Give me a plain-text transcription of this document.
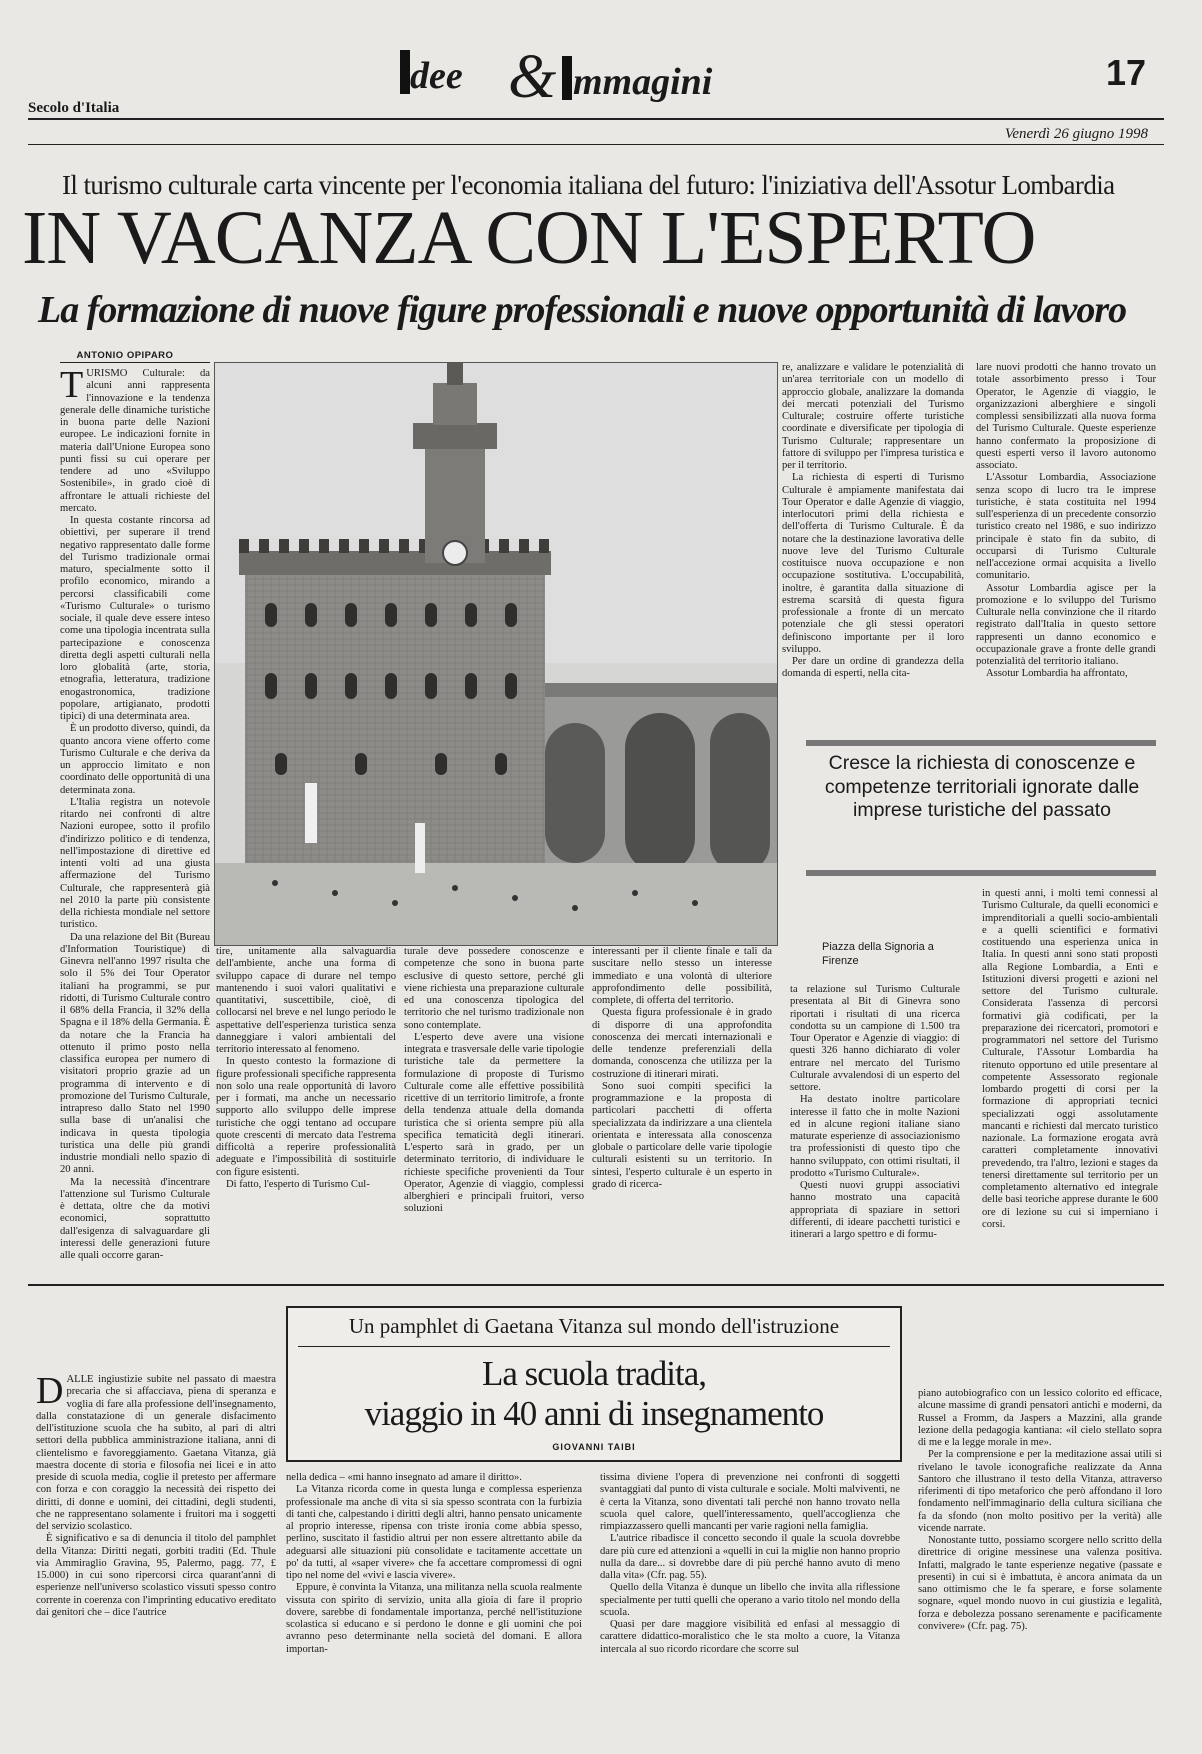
Secolo d'Italia
dee & mmagini	17
Venerdì 26 giugno 1998
Il turismo culturale carta vincente per l'economia italiana del futuro: l'iniziativa dell'Assotur Lombardia
IN VACANZA CON L'ESPERTO
La formazione di nuove figure professionali e nuove opportunità di lavoro
ANTONIO OPIPARO
T URISMO Culturale: da alcuni anni rappresenta l'innovazione e la tendenza generale delle dinamiche turistiche in buona parte delle Nazioni europee. Le indicazioni fornite in materia dall'Unione Europea sono punti fissi su cui operare per tendere ad uno «Sviluppo Sostenibile», in grado cioè di affrontare le attuali richieste del mercato.

In questa costante rincorsa ad obiettivi, per superare il trend negativo rappresentato dalle forme del Turismo tradizionale ormai maturo, specialmente sotto il profilo economico, mirando a percorsi classificabili come «Turismo Culturale» o turismo sociale, il quale deve essere inteso come una tipologia incentrata sulla partecipazione e conoscenza diretta degli aspetti culturali nella loro globalità (arte, storia, etnografia, letteratura, tradizione enogastronomica, tradizione popolare, artigianato, prodotti tipici) di una determinata area.

È un prodotto diverso, quindi, da quanto ancora viene offerto come Turismo Culturale e che deriva da un approccio limitato e non coordinato delle opportunità di una determinata zona.

L'Italia registra un notevole ritardo nei confronti di altre Nazioni europee, sotto il profilo d'indirizzo politico e di tendenza, nell'impostazione di direttive ed intenti volti ad una giusta affermazione del Turismo Culturale, che rappresenterà già nel 2010 la parte più consistente della richiesta mondiale nel settore turistico.

Da una relazione del Bit (Bureau d'Information Touristique) di Ginevra nell'anno 1997 risulta che solo il 5% dei Tour Operator italiani ha programmi, se pur ridotti, di Turismo Culturale contro il 68% della Francia, il 32% della Spagna e il 18% della Germania. È da notare che la Francia ha ottenuto il primo posto nella classifica europea per numero di visitatori proprio grazie ad un programma di intervento e di promozione del Turismo Culturale, intrapreso dallo Stato nel 1990 sulla base di un'analisi che indicava in questa tipologia turistica una delle più grandi industrie mondiali nello spazio di 20 anni.

Ma la necessità d'incentrare l'attenzione sul Turismo Culturale è dettata, oltre che da motivi economici, soprattutto dall'esigenza di salvaguardare gli interessi delle generazioni future alle quali occorre garan-

tire, unitamente alla salvaguardia dell'ambiente, anche una forma di sviluppo capace di durare nel tempo mantenendo i suoi valori qualitativi e quantitativi, suscettibile, cioè, di collocarsi nel breve e nel lungo periodo le aspettative dell'esperienza turistica senza danneggiare i valori ambientali del territorio interessato al fenomeno.

In questo contesto la formazione di figure professionali specifiche rappresenta non solo una reale opportunità di lavoro per i formati, ma anche un necessario supporto allo sviluppo delle imprese turistiche che oggi tentano ad occupare quote crescenti di mercato data l'estrema difficoltà a reperire professionalità adeguate e l'impossibilità di sostituirle con figure esistenti.

Di fatto, l'esperto di Turismo Cul-

turale deve possedere conoscenze e competenze che sono in buona parte esclusive di questo settore, perché gli viene richiesta una preparazione culturale ed una conoscenza tipologica del territorio che nel turismo tradizionale non sono contemplate.

L'esperto deve avere una visione integrata e trasversale delle varie tipologie turistiche tale da permettere la formulazione di proposte di Turismo Culturale come alle effettive possibilità ricettive di un territorio limitrofe, a fronte della tendenza attuale della domanda turistica che si orienta sempre più alla specifica tematicità degli itinerari. L'esperto sarà in grado, per un determinato territorio, di individuare le richieste specifiche provenienti da Tour Operator, Agenzie di viaggio, complessi alberghieri e principali fruitori, verso soluzioni

interessanti per il cliente finale e tali da suscitare nello stesso un interesse immediato e una volontà di ulteriore approfondimento delle possibilità, complete, di offerta del territorio.

Questa figura professionale è in grado di disporre di una approfondita conoscenza dei mercati internazionali e delle tendenze preferenziali della domanda, conoscenza che utilizza per la costruzione di itinerari mirati.

Sono suoi compiti specifici la programmazione e la proposta di particolari pacchetti di offerta specializzata da indirizzare a una clientela orientata e interessata alla conoscenza globale o particolare delle varie tipologie culturali esistenti su un territorio. In sintesi, l'esperto culturale è un esperto in grado di ricerca-

re, analizzare e validare le potenzialità di un'area territoriale con un modello di approccio globale, analizzare la domanda dei mercati potenziali del Turismo Culturale; costruire offerte turistiche coordinate e diversificate per tipologia di Turismo Culturale; rappresentare un fattore di sviluppo per l'impresa turistica e per il territorio.

La richiesta di esperti di Turismo Culturale è ampiamente manifestata dai Tour Operator e dalle Agenzie di viaggio, interlocutori primi della richiesta e dell'offerta di Turismo Culturale. È da notare che la destinazione lavorativa delle nuove leve del Turismo Culturale costituisce nuova occupazione e non occupazione sostitutiva. L'occupabilità, inoltre, è garantita dalla situazione di estrema scarsità di questa figura professionale a fronte di un mercato potenziale che gli stessi operatori definiscono importante per il loro sviluppo.

Per dare un ordine di grandezza della domanda di esperti, nella cita-

lare nuovi prodotti che hanno trovato un totale assorbimento presso i Tour Operator, le Agenzie di viaggio, le organizzazioni alberghiere e singoli complessi sensibilizzati alla nuova forma del Turismo Culturale. Queste esperienze hanno confermato la proposizione di questi esperti verso il lavoro autonomo associato.

L'Assotur Lombardia, Associazione senza scopo di lucro tra le imprese turistiche, è stata costituita nel 1994 sull'esperienza di un precedente consorzio turistico creato nel 1986, e suo indirizzo principale è stato fin da subito, di occuparsi di Turismo Culturale nell'accezione ormai acquisita a livello comunitario.

Assotur Lombardia agisce per la promozione e lo sviluppo del Turismo Culturale nella convinzione che il ritardo registrato dall'Italia in questo settore rappresenti un danno economico e occupazionale grave a fronte delle grandi potenzialità del territorio italiano.

Assotur Lombardia ha affrontato,

Cresce la richiesta di conoscenze e competenze territoriali ignorate dalle imprese turistiche del passato
Piazza della Signoria a Firenze

ta relazione sul Turismo Culturale presentata al Bit di Ginevra sono riportati i risultati di una ricerca condotta su un campione di 1.500 tra Tour Operator e Agenzie di viaggio: di questi 326 hanno dichiarato di voler entrare nel mercato del Turismo Culturale avvalendosi di un esperto del settore.

Ha destato inoltre particolare interesse il fatto che in molte Nazioni ed in alcune regioni italiane siano maturate esperienze di associazionismo tra professionisti di questo tipo che hanno sviluppato, con ottimi risultati, il prodotto «Turismo Culturale».

Questi nuovi gruppi associativi hanno mostrato una capacità appropriata di spaziare in settori differenti, di ideare pacchetti turistici e itinerari a largo spettro e di formu-

in questi anni, i molti temi connessi al Turismo Culturale, da quelli economici e imprenditoriali a quelli socio-ambientali e a quelli scientifici e formativi costituendo una esperienza unica in Italia. In questi anni sono stati proposti alla Regione Lombardia, a Enti e Istituzioni diversi progetti e azioni nel settore del Turismo culturale. Considerata l'assenza di percorsi formativi già codificati, per la preparazione dei ricercatori, promotori e programmatori nel settore del Turismo Culturale, l'Assotur Lombardia ha ritenuto opportuno ed utile presentare al competente Assessorato regionale lombardo progetti di corsi per la formazione di appropriati tecnici specializzati oggi assolutamente mancanti e richiesti dal mercato turistico nazionale. La formazione erogata avrà caratteri completamente innovativi prevedendo, tra l'altro, lezioni e stages da tenersi direttamente sul territorio per un completamento alternativo ed integrale delle basi teoriche apprese durante le 600 ore di lezione su cui si imperniano i corsi.

Un pamphlet di Gaetana Vitanza sul mondo dell'istruzione
La scuola tradita,
viaggio in 40 anni di insegnamento
GIOVANNI TAIBI
D ALLE ingiustizie subite nel passato di maestra precaria che si affacciava, piena di speranza e voglia di fare alla professione dell'insegnamento, dalla constatazione di un generale disfacimento dell'istituzione scuola che ha subìto, al pari di altri settori della pubblica amministrazione italiana, anni di clientelismo e favoreggiamento. Gaetana Vitanza, già maestra docente di storia e filosofia nei licei e in atto preside di scuola media, coglie il pretesto per affermare con forza e con coraggio la necessità dei rispetto dei diritti, di donne e uomini, dei cittadini, degli studenti, che ne rappresentano solamente i fruitori ma i soggetti del servizio scolastico.

È significativo e sa di denuncia il titolo del pamphlet della Vitanza: Diritti negati, gorbiti traditi (Ed. Thule via Ammiraglio Gravina, 95, Palermo, pagg. 77, £ 15.000) in cui sono ripercorsi circa quarant'anni di esperienze nell'universo scolastico vissuti spesso contro corrente in coerenza con l'imprinting educativo ereditato dai genitori che – dice l'autrice

nella dedica – «mi hanno insegnato ad amare il diritto».

La Vitanza ricorda come in questa lunga e complessa esperienza professionale ma anche di vita si sia spesso scontrata con la furbizia di tanti che, calpestando i diritti degli altri, hanno pensato unicamente al proprio interesse, ripensa con triste ironia come abbia spesso, perlino, suscitato il fastidio altrui per non essere altrettanto abile da adeguarsi alle situazioni più consolidate e tacitamente accettate un po' da tutti, al «saper vivere» che fa accettare compromessi di ogni tipo nel nome del «vivi e lascia vivere».

Eppure, è convinta la Vitanza, una militanza nella scuola realmente vissuta con spirito di servizio, unita alla gioia di fare il proprio dovere, sarebbe di fondamentale importanza, perché nell'istituzione scolastica si educano e si perdono le donne e gli uomini che poi avranno peso determinante nella società del domani. E allora importan-

tissima diviene l'opera di prevenzione nei confronti di soggetti svantaggiati dal punto di vista culturale e sociale. Molti malviventi, ne è certa la Vitanza, sono diventati tali perché non hanno trovato nella scuola quel calore, quell'interessamento, quell'accoglienza che rimpiazzassero quelli mancanti per varie ragioni nella famiglia.

L'autrice ribadisce il concetto secondo il quale la scuola dovrebbe dare più cure ed attenzioni a «quelli in cui la miglie non hanno proprio nulla da dare... si dovrebbe dare di più perché hanno avuto di meno dalla vita» (Cfr. pag. 55).

Quello della Vitanza è dunque un libello che invita alla riflessione specialmente per tutti quelli che operano a vario titolo nel mondo della scuola.

Quasi per dare maggiore visibilità ed enfasi al messaggio di carattere didattico-moralistico che le sta molto a cuore, la Vitanza intercala al suo ricordo ricordare che scorre sul

piano autobiografico con un lessico colorito ed efficace, alcune massime di grandi pensatori antichi e moderni, da Russel a Fromm, da Jaspers a Mazzini, alla grande lezione della pedagogia kantiana: «il cielo stellato sopra di me e la legge morale in me».

Per la comprensione e per la meditazione assai utili si rivelano le tavole iconografiche realizzate da Anna Santoro che illustrano il testo della Vitanza, attraverso riferimenti di tipo metaforico che però affondano il loro fondamento nell'immaginario della cultura siciliana che fa da sfondo (non molto positivo per la verità) alle vicende narrate.

Nonostante tutto, possiamo scorgere nello scritto della direttrice di origine messinese una valenza positiva. Infatti, malgrado le tante esperienze negative (passate e presenti) in cui si è imbattuta, è ancora animata da un sano ottimismo che le fa sperare, e forse solamente sognare, «quel mondo nuovo in cui giustizia e legalità, forza e debolezza possano serenamente e pacificamente convivere» (Cfr. pag. 75).
